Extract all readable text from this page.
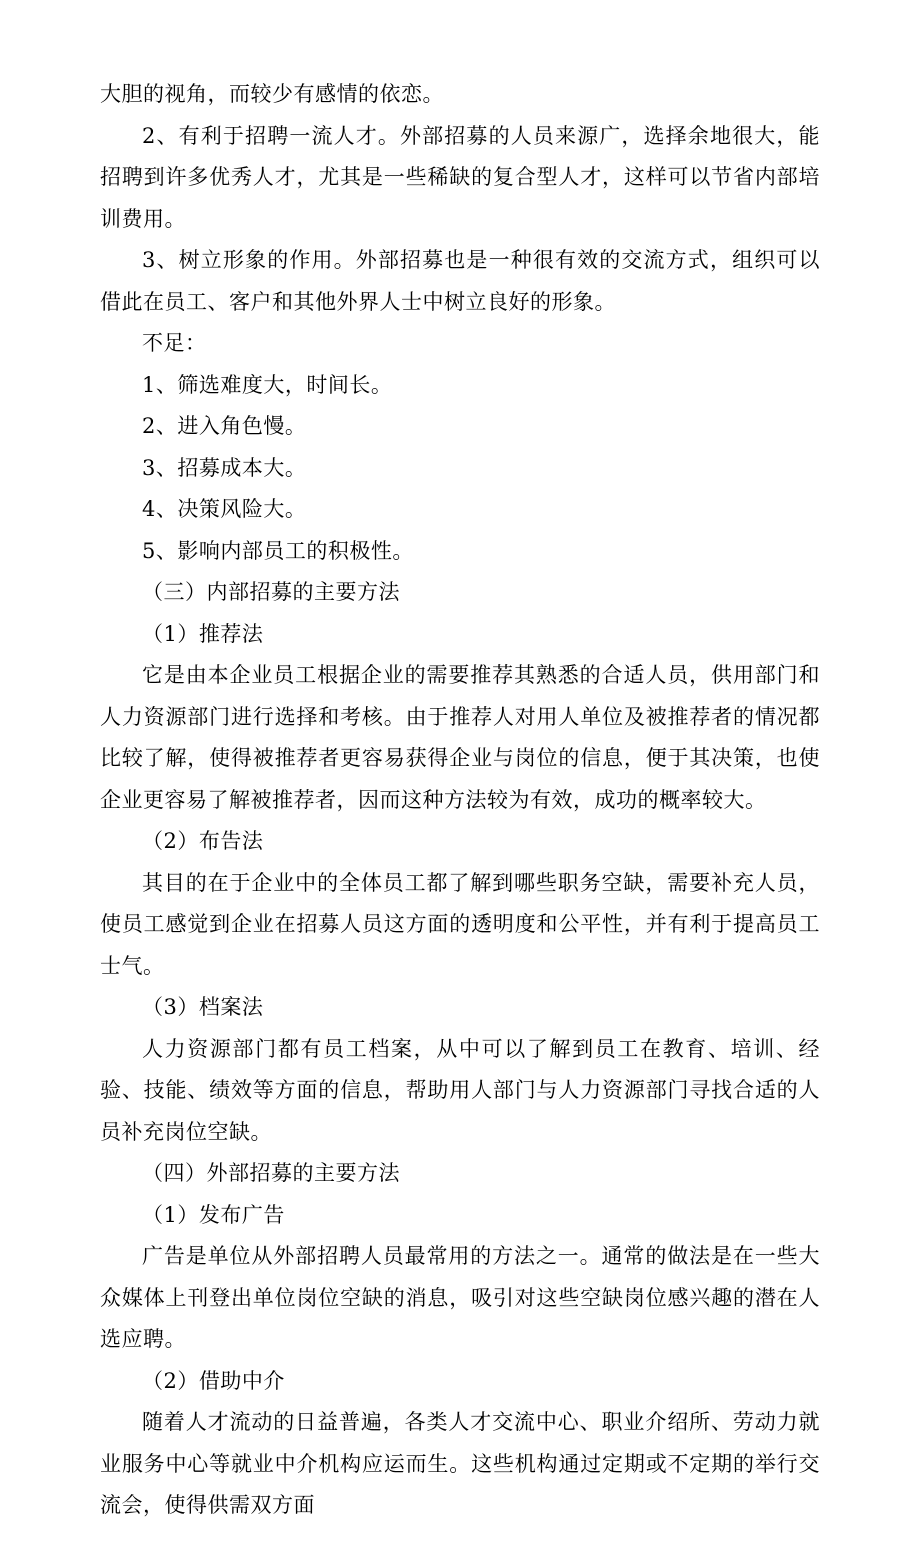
大胆的视角，而较少有感情的依恋。

2、有利于招聘一流人才。外部招募的人员来源广，选择余地很大，能招聘到许多优秀人才，尤其是一些稀缺的复合型人才，这样可以节省内部培训费用。

3、树立形象的作用。外部招募也是一种很有效的交流方式，组织可以借此在员工、客户和其他外界人士中树立良好的形象。

不足：

1、筛选难度大，时间长。

2、进入角色慢。

3、招募成本大。

4、决策风险大。

5、影响内部员工的积极性。

（三）内部招募的主要方法

（1）推荐法

它是由本企业员工根据企业的需要推荐其熟悉的合适人员，供用部门和人力资源部门进行选择和考核。由于推荐人对用人单位及被推荐者的情况都比较了解，使得被推荐者更容易获得企业与岗位的信息，便于其决策，也使企业更容易了解被推荐者，因而这种方法较为有效，成功的概率较大。

（2）布告法

其目的在于企业中的全体员工都了解到哪些职务空缺，需要补充人员，使员工感觉到企业在招募人员这方面的透明度和公平性，并有利于提高员工士气。

（3）档案法

人力资源部门都有员工档案，从中可以了解到员工在教育、培训、经验、技能、绩效等方面的信息，帮助用人部门与人力资源部门寻找合适的人员补充岗位空缺。

（四）外部招募的主要方法

（1）发布广告

广告是单位从外部招聘人员最常用的方法之一。通常的做法是在一些大众媒体上刊登出单位岗位空缺的消息，吸引对这些空缺岗位感兴趣的潜在人选应聘。

（2）借助中介

随着人才流动的日益普遍，各类人才交流中心、职业介绍所、劳动力就业服务中心等就业中介机构应运而生。这些机构通过定期或不定期的举行交流会，使得供需双方面
